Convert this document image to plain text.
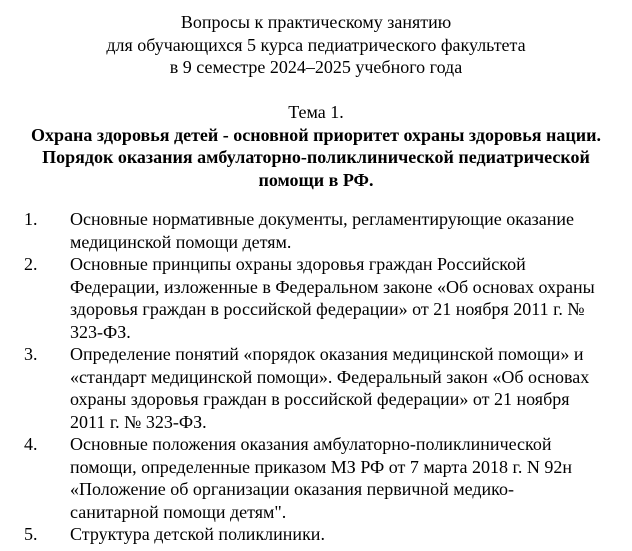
Вопросы к практическому занятию
для обучающихся 5 курса педиатрического факультета
в 9 семестре 2024–2025 учебного года
Тема 1.
Охрана здоровья детей - основной приоритет охраны здоровья нации.
Порядок оказания амбулаторно-поликлинической педиатрической
помощи в РФ.
1. Основные нормативные документы, регламентирующие оказание
медицинской помощи детям.
2. Основные принципы охраны здоровья граждан Российской
Федерации, изложенные в Федеральном законе «Об основах охраны
здоровья граждан в российской федерации» от 21 ноября 2011 г. №
323-ФЗ.
3. Определение понятий «порядок оказания медицинской помощи» и
«стандарт медицинской помощи». Федеральный закон «Об основах
охраны здоровья граждан в российской федерации» от 21 ноября
2011 г. № 323-ФЗ.
4. Основные положения оказания амбулаторно-поликлинической
помощи, определенные приказом МЗ РФ от 7 марта 2018 г. N 92н
«Положение об организации оказания первичной медико-
санитарной помощи детям".
5. Структура детской поликлиники.
